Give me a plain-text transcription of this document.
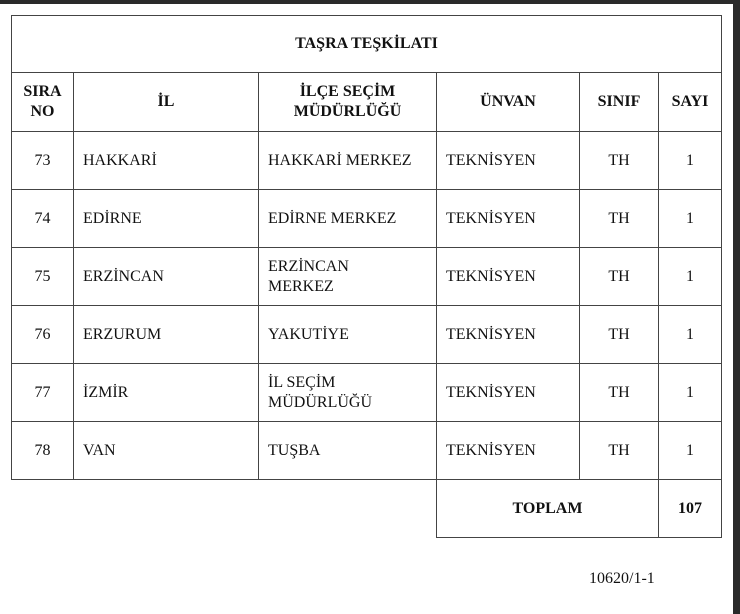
TAŞRA TEŞKİLATI					
SIRA NO	İL	İLÇE SEÇİM MÜDÜRLÜĞÜ	ÜNVAN	SINIF	SAYI
73	HAKKARİ	HAKKARİ MERKEZ	TEKNİSYEN	TH	1
74	EDİRNE	EDİRNE MERKEZ	TEKNİSYEN	TH	1
75	ERZİNCAN	ERZİNCAN MERKEZ	TEKNİSYEN	TH	1
76	ERZURUM	YAKUTİYE	TEKNİSYEN	TH	1
77	İZMİR	İL SEÇİM MÜDÜRLÜĞÜ	TEKNİSYEN	TH	1
78	VAN	TUŞBA	TEKNİSYEN	TH	1
			TOPLAM		107
10620/1-1
